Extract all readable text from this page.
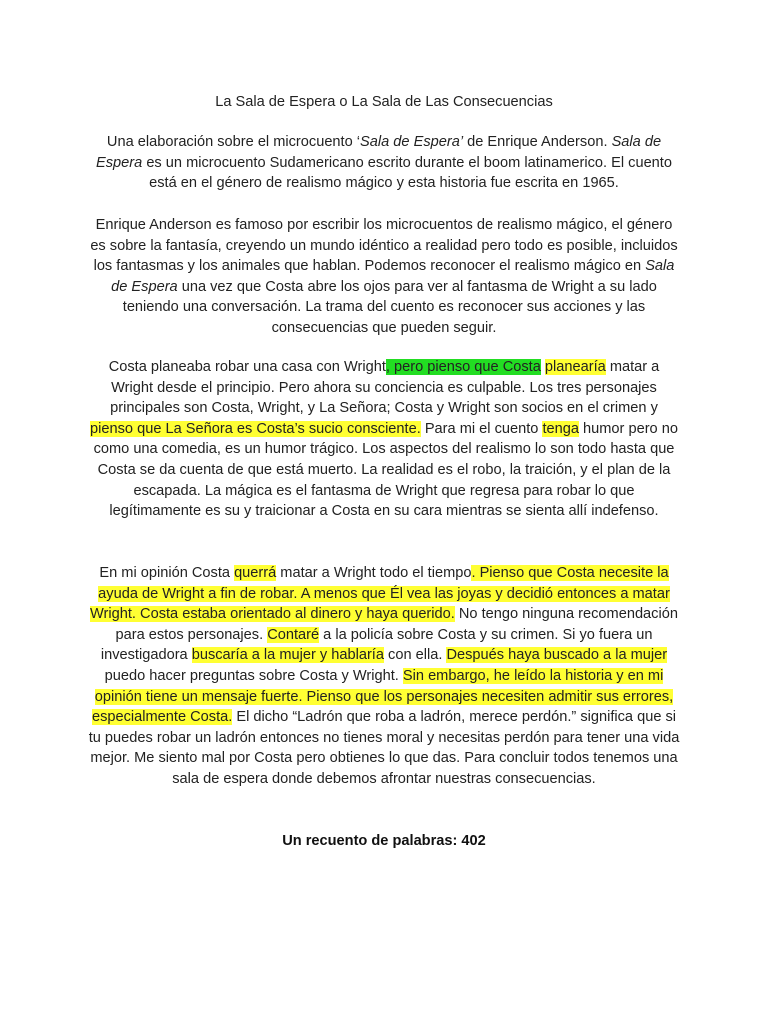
La Sala de Espera o La Sala de Las Consecuencias
Una elaboración sobre el microcuento ‘Sala de Espera’ de Enrique Anderson. Sala de Espera es un microcuento Sudamericano escrito durante el boom latinamerico. El cuento está en el género de realismo mágico y esta historia fue escrita en 1965.
Enrique Anderson es famoso por escribir los microcuentos de realismo mágico, el género es sobre la fantasía, creyendo un mundo idéntico a realidad pero todo es posible, incluidos los fantasmas y los animales que hablan. Podemos reconocer el realismo mágico en Sala de Espera una vez que Costa abre los ojos para ver al fantasma de Wright a su lado teniendo una conversación. La trama del cuento es reconocer sus acciones y las consecuencias que pueden seguir.
Costa planeaba robar una casa con Wright, pero pienso que Costa planearía matar a Wright desde el principio. Pero ahora su conciencia es culpable. Los tres personajes principales son Costa, Wright, y La Señora; Costa y Wright son socios en el crimen y pienso que La Señora es Costa’s sucio consciente. Para mi el cuento tenga humor pero no como una comedia, es un humor trágico. Los aspectos del realismo lo son todo hasta que Costa se da cuenta de que está muerto. La realidad es el robo, la traición, y el plan de la escapada. La mágica es el fantasma de Wright que regresa para robar lo que legítimamente es su y traicionar a Costa en su cara mientras se sienta allí indefenso.
En mi opinión Costa querrá matar a Wright todo el tiempo. Pienso que Costa necesite la ayuda de Wright a fin de robar. A menos que Él vea las joyas y decidió entonces a matar Wright. Costa estaba orientado al dinero y haya querido. No tengo ninguna recomendación para estos personajes. Contaré a la policía sobre Costa y su crimen. Si yo fuera un investigadora buscaría a la mujer y hablaría con ella. Después haya buscado a la mujer puedo hacer preguntas sobre Costa y Wright. Sin embargo, he leído la historia y en mi opinión tiene un mensaje fuerte. Pienso que los personajes necesiten admitir sus errores, especialmente Costa. El dicho “Ladrón que roba a ladrón, merece perdón.” significa que si tu puedes robar un ladrón entonces no tienes moral y necesitas perdón para tener una vida mejor. Me siento mal por Costa pero obtienes lo que das. Para concluir todos tenemos una sala de espera donde debemos afrontar nuestras consecuencias.
Un recuento de palabras: 402
